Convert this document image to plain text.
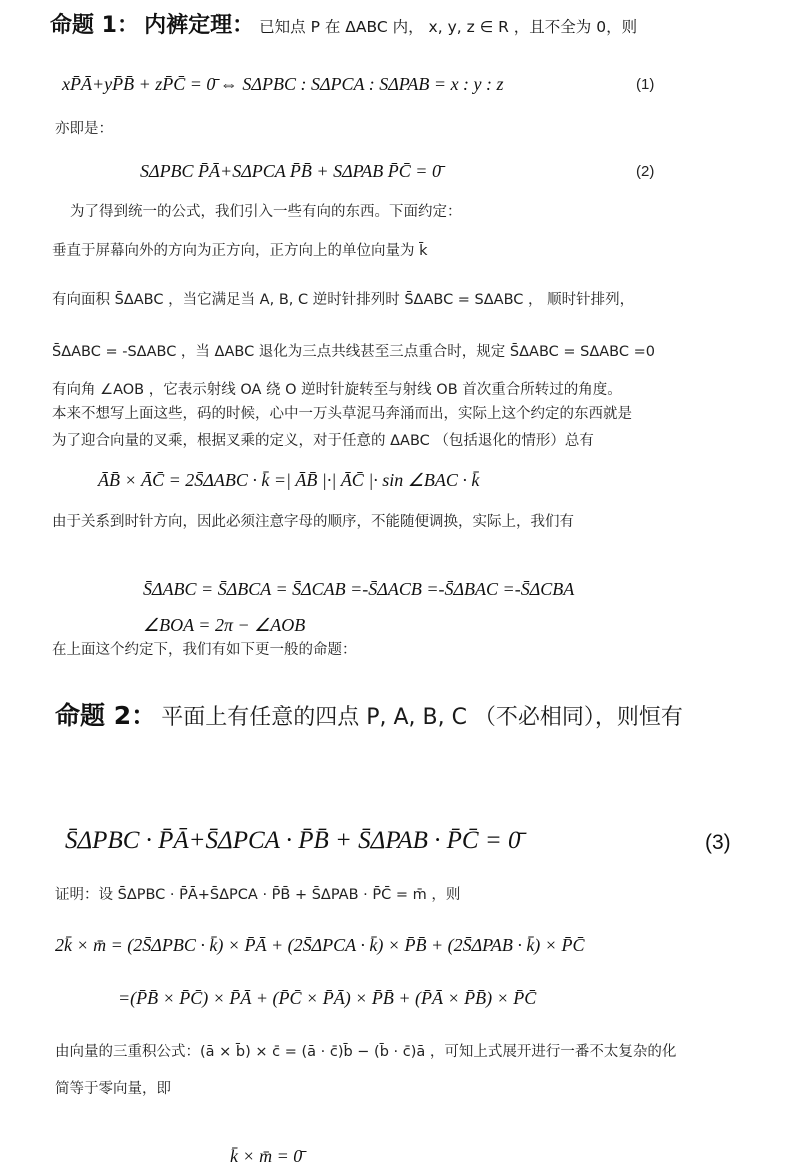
命题 1： 内裤定理： 已知点 P 在 ΔABC 内， x, y, z ∈ R ，且不全为 0，则
xP̄Ā+yP̄B̄ + zP̄C̄ = 0̄ ⇔ SΔPBC : SΔPCA : SΔPAB = x : y : z	(1)
亦即是：
SΔPBC P̄Ā+SΔPCA P̄B̄ + SΔPAB P̄C̄ = 0̄	(2)
为了得到统一的公式，我们引入一些有向的东西。下面约定：
垂直于屏幕向外的方向为正方向，正方向上的单位向量为 k̄
有向面积 S̄ΔABC ，当它满足当 A, B, C 逆时针排列时 S̄ΔABC = SΔABC ， 顺时针排列，
S̄ΔABC = -SΔABC ，当 ΔABC 退化为三点共线甚至三点重合时，规定 S̄ΔABC = SΔABC =0
有向角 ∠AOB ，它表示射线 OA 绕 O 逆时针旋转至与射线 OB 首次重合所转过的角度。
本来不想写上面这些，码的时候，心中一万头草泥马奔涌而出，实际上这个约定的东西就是
为了迎合向量的叉乘，根据叉乘的定义，对于任意的 ΔABC （包括退化的情形）总有
ĀB̄ × ĀC̄ = 2S̄ΔABC · k̄ =| ĀB̄ |·| ĀC̄ |· sin ∠BAC · k̄
由于关系到时针方向，因此必须注意字母的顺序，不能随便调换，实际上，我们有
S̄ΔABC = S̄ΔBCA = S̄ΔCAB =-S̄ΔACB =-S̄ΔBAC =-S̄ΔCBA
∠BOA = 2π − ∠AOB
在上面这个约定下，我们有如下更一般的命题：
命题 2： 平面上有任意的四点 P, A, B, C （不必相同），则恒有
S̄ΔPBC · P̄Ā+S̄ΔPCA · P̄B̄ + S̄ΔPAB · P̄C̄ = 0̄	(3)
证明：设 S̄ΔPBC · P̄Ā+S̄ΔPCA · P̄B̄ + S̄ΔPAB · P̄C̄ = m̄ ，则
2k̄ × m̄ = (2S̄ΔPBC · k̄) × P̄Ā + (2S̄ΔPCA · k̄) × P̄B̄ + (2S̄ΔPAB · k̄) × P̄C̄
=(P̄B̄ × P̄C̄) × P̄Ā + (P̄C̄ × P̄Ā) × P̄B̄ + (P̄Ā × P̄B̄) × P̄C̄
由向量的三重积公式：(ā × b̄) × c̄ = (ā · c̄)b̄ − (b̄ · c̄)ā ，可知上式展开进行一番不太复杂的化
简等于零向量，即
k̄ × m̄ = 0̄
